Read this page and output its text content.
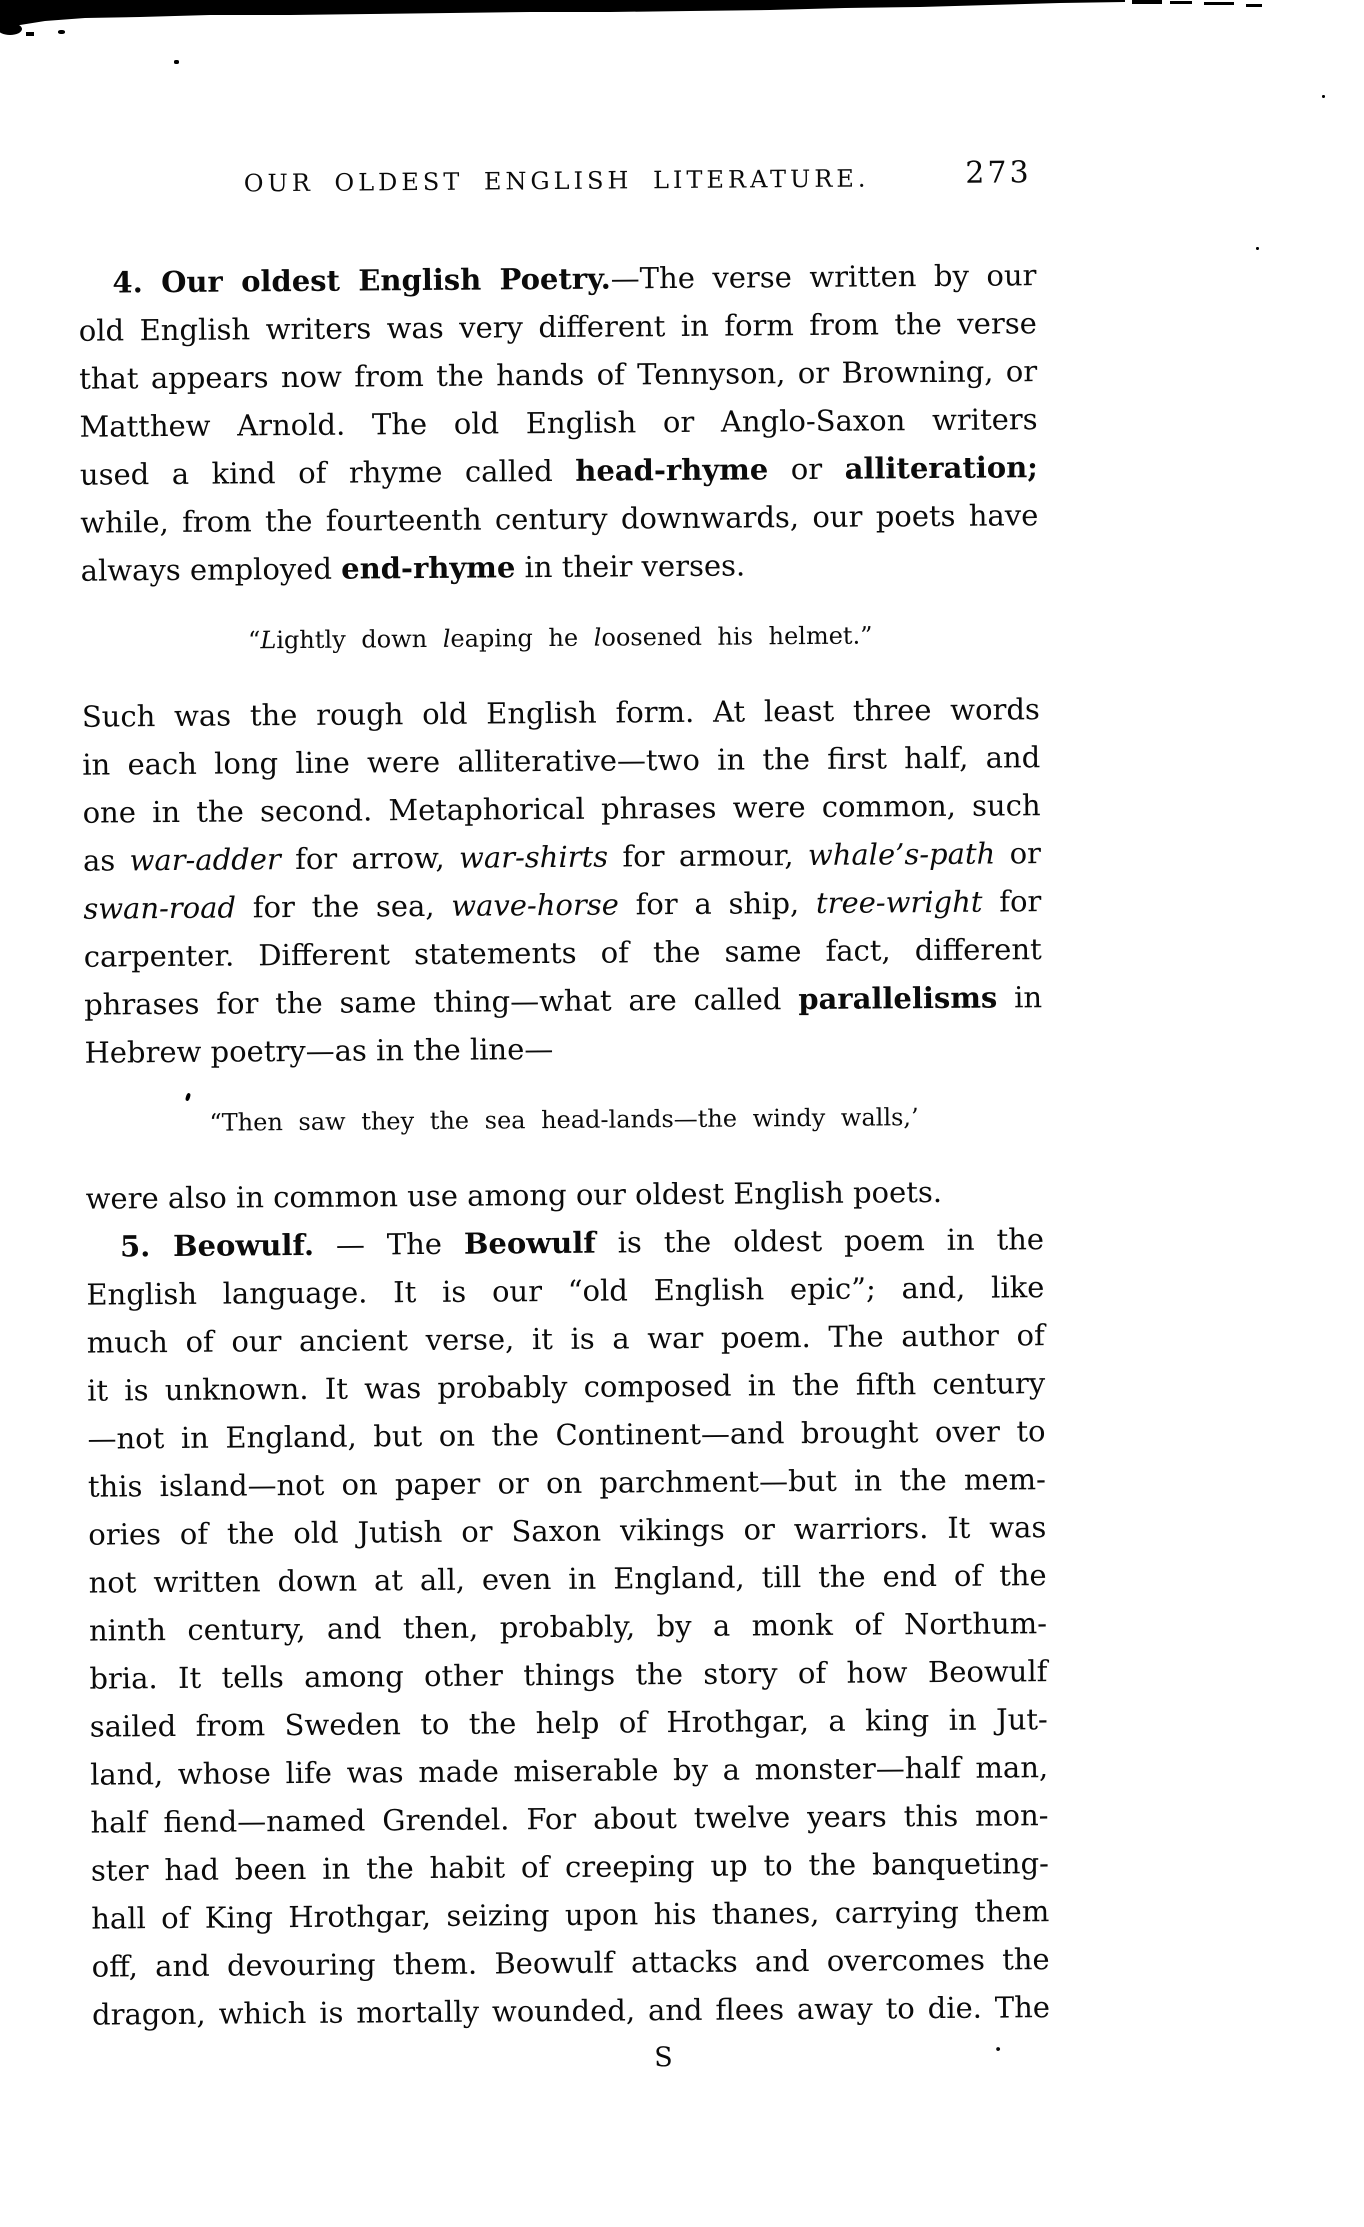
OUR OLDEST ENGLISH LITERATURE.	273

4. Our oldest English Poetry.—The verse written by our
old English writers was very different in form from the verse
that appears now from the hands of Tennyson, or Browning, or
Matthew Arnold. The old English or Anglo-Saxon writers
used a kind of rhyme called head-rhyme or alliteration;
while, from the fourteenth century downwards, our poets have
always employed end-rhyme in their verses.

“Lightly down leaping he loosened his helmet.”

Such was the rough old English form. At least three words
in each long line were alliterative—two in the first half, and
one in the second. Metaphorical phrases were common, such
as war-adder for arrow, war-shirts for armour, whale’s-path or
swan-road for the sea, wave-horse for a ship, tree-wright for
carpenter. Different statements of the same fact, different
phrases for the same thing—what are called parallelisms in
Hebrew poetry—as in the line—

“Then saw they the sea head-lands—the windy walls,’

were also in common use among our oldest English poets.

5. Beowulf. — The Beowulf is the oldest poem in the
English language. It is our “old English epic”; and, like
much of our ancient verse, it is a war poem. The author of
it is unknown. It was probably composed in the fifth century
—not in England, but on the Continent—and brought over to
this island—not on paper or on parchment—but in the mem-
ories of the old Jutish or Saxon vikings or warriors. It was
not written down at all, even in England, till the end of the
ninth century, and then, probably, by a monk of Northum-
bria. It tells among other things the story of how Beowulf
sailed from Sweden to the help of Hrothgar, a king in Jut-
land, whose life was made miserable by a monster—half man,
half fiend—named Grendel. For about twelve years this mon-
ster had been in the habit of creeping up to the banqueting-
hall of King Hrothgar, seizing upon his thanes, carrying them
off, and devouring them. Beowulf attacks and overcomes the
dragon, which is mortally wounded, and flees away to die. The

S	.
